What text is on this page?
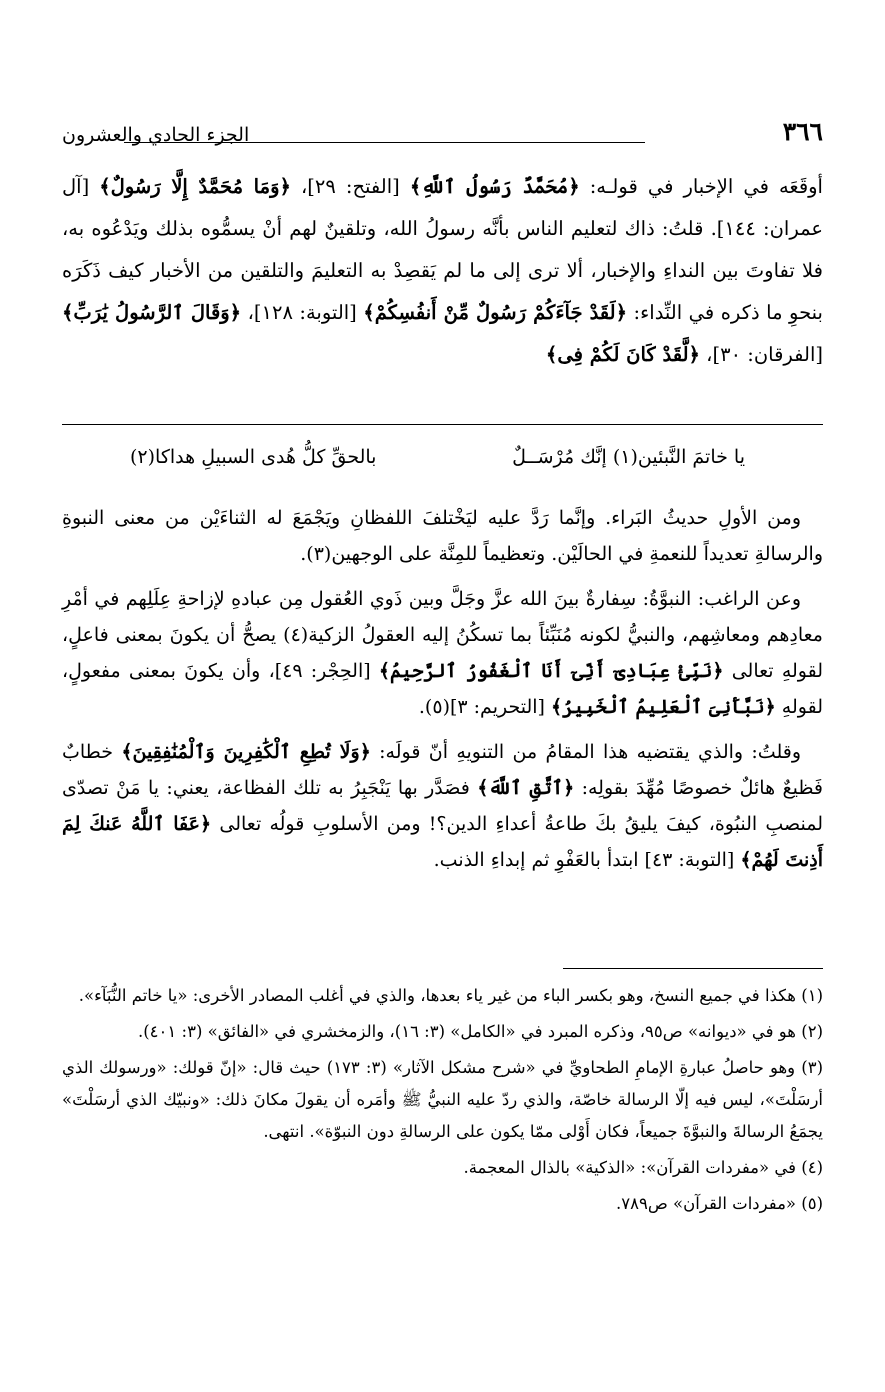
٣٦٦
الجزء الحادي والعشرون

أوقَعَه في الإخبار في قولـه: ﴿مُحَمَّدٌ رَسُولُ ٱللَّهِ﴾ [الفتح: ٢٩]، ﴿وَمَا مُحَمَّدٌ إِلَّا رَسُولٌ﴾ [آل عمران: ١٤٤]. قلتُ: ذاك لتعليم الناس بأنَّه رسولُ الله، وتلقينٌ لهم أنْ يسمُّوه بذلك ويَدْعُوه به، فلا تفاوتَ بين النداءِ والإخبار، ألا ترى إلى ما لم يَقصِدْ به التعليمَ والتلقين من الأخبار كيف ذَكَرَه بنحوِ ما ذكره في النِّداء: ﴿لَقَدْ جَآءَكُمْ رَسُولٌ مِّنْ أَنفُسِكُمْ﴾ [التوبة: ١٢٨]، ﴿وَقَالَ ٱلرَّسُولُ يَٰرَبِّ﴾ [الفرقان: ٣٠]، ﴿لَّقَدْ كَانَ لَكُمْ فِى﴾

يا خاتمَ النَّبئين(١) إنَّك مُرْسَــلٌ
بالحقِّ كلُّ هُدى السبيلِ هداكا(٢)

ومن الأولِ حديثُ البَراء. وإنَّما رَدَّ عليه ليَخْتلفَ اللفظانِ ويَجْمَعَ له الثناءَيْن من معنى النبوةِ والرسالةِ تعديداً للنعمةِ في الحالَيْن. وتعظيماً للمِنَّة على الوجهين(٣).

وعن الراغب: النبوَّةُ: سِفارةٌ بينَ الله عزَّ وجَلَّ وبين ذَوي العُقول مِن عبادهِ لإزاحةِ عِلَلِهم في أمْرِ معادِهم ومعاشِهم، والنبيُّ لكونه مُنَبِّئاً بما تسكُنُ إليه العقولُ الزكية(٤) يصحُّ أن يكونَ بمعنى فاعلٍ، لقولهِ تعالى ﴿نَبِّئْ عِبَادِىٓ أَنِّىٓ أَنَا ٱلْغَفُورُ ٱلرَّحِيمُ﴾ [الحِجْر: ٤٩]، وأن يكونَ بمعنى مفعولٍ، لقولهِ ﴿نَبَّأَنِىَ ٱلْعَلِيمُ ٱلْخَبِيرُ﴾ [التحريم: ٣](٥).

وقلتُ: والذي يقتضيه هذا المقامُ من التنويهِ أنّ قولَه: ﴿وَلَا تُطِعِ ٱلْكَٰفِرِينَ وَٱلْمُنَٰفِقِينَ﴾ خطابٌ فَظيعٌ هائلٌ خصوصًا مُهِّدَ بقولِه: ﴿ٱتَّقِ ٱللَّهَ﴾ فصَدَّر بها يَنْجَبِرُ به تلك الفظاعة، يعني: يا مَنْ تصدّى لمنصبِ النبُوة، كيفَ يليقُ بكَ طاعةُ أعداءِ الدين؟! ومن الأسلوبِ قولُه تعالى ﴿عَفَا ٱللَّهُ عَنكَ لِمَ أَذِنتَ لَهُمْ﴾ [التوبة: ٤٣] ابتدأ بالعَفْوِ ثم إبداءِ الذنب.

(١) هكذا في جميع النسخ، وهو بكسر الباء من غير ياء بعدها، والذي في أغلب المصادر الأخرى: «يا خاتم النُّبَآء».

(٢) هو في «ديوانه» ص٩٥، وذكره المبرد في «الكامل» (٣: ١٦)، والزمخشري في «الفائق» (٣: ٤٠١).

(٣) وهو حاصلُ عبارةِ الإمامِ الطحاويِّ في «شرح مشكل الآثار» (٣: ١٧٣) حيث قال: «إنّ قولك: «ورسولك الذي أرسَلْتَ»، ليس فيه إلّا الرسالة خاصّة، والذي ردّ عليه النبيُّ ﷺ وأمَره أن يقولَ مكانَ ذلك: «ونبيّك الذي أرسَلْتَ» يجمَعُ الرسالةَ والنبوَّةَ جميعاً، فكان أَوْلى ممّا يكون على الرسالةِ دون النبوّة». انتهى.

(٤) في «مفردات القرآن»: «الذكية» بالذال المعجمة.

(٥) «مفردات القرآن» ص٧٨٩.
